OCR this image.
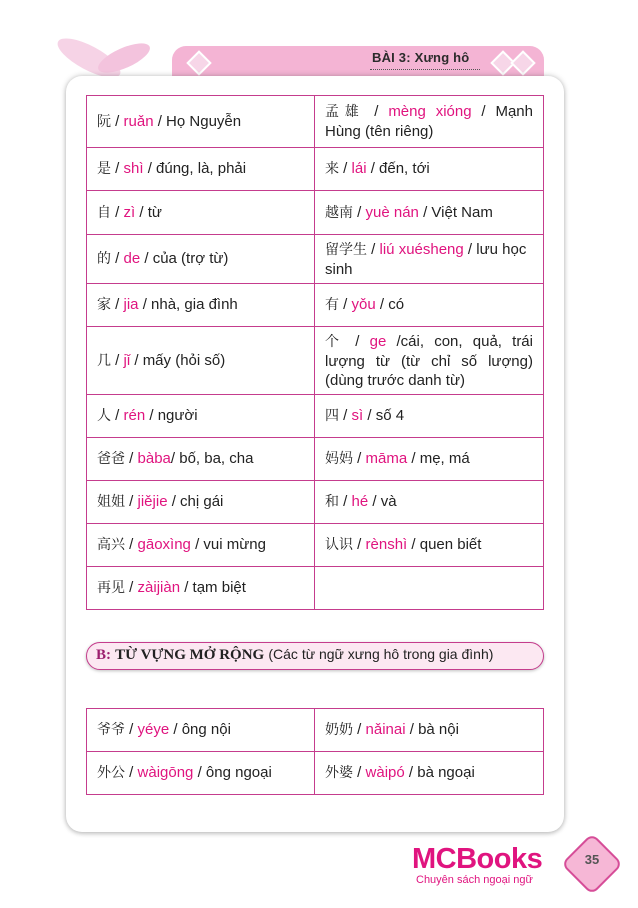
BÀI 3: Xưng hô
阮 / ruǎn / Họ Nguyễn	孟雄 / mèng xióng / Mạnh Hùng (tên riêng)
是 / shì / đúng, là, phải	来 / lái / đến, tới
自 / zì / từ	越南 / yuè nán / Việt Nam
的 / de / của (trợ từ)	留学生 / liú xuésheng / lưu học sinh
家 / jia / nhà, gia đình	有 / yǒu / có
几 / jǐ / mấy (hỏi số)	个 / ge /cái, con, quả, trái lượng từ (từ chỉ số lượng) (dùng trước danh từ)
人 / rén / người	四 / sì / số 4
爸爸 / bàba/ bố, ba, cha	妈妈 / māma / mẹ, má
姐姐 / jiějie / chị gái	和 / hé / và
高兴 / gāoxìng / vui mừng	认识 / rènshì / quen biết
再见 / zàijiàn / tạm biệt	
B: TỪ VỰNG MỞ RỘNG (Các từ ngữ xưng hô trong gia đình)
爷爷 / yéye / ông nội	奶奶 / nǎinai / bà nội
外公 / wàigōng / ông ngoại	外婆 / wàipó / bà ngoại
MCBooks
Chuyên sách ngoại ngữ
35
